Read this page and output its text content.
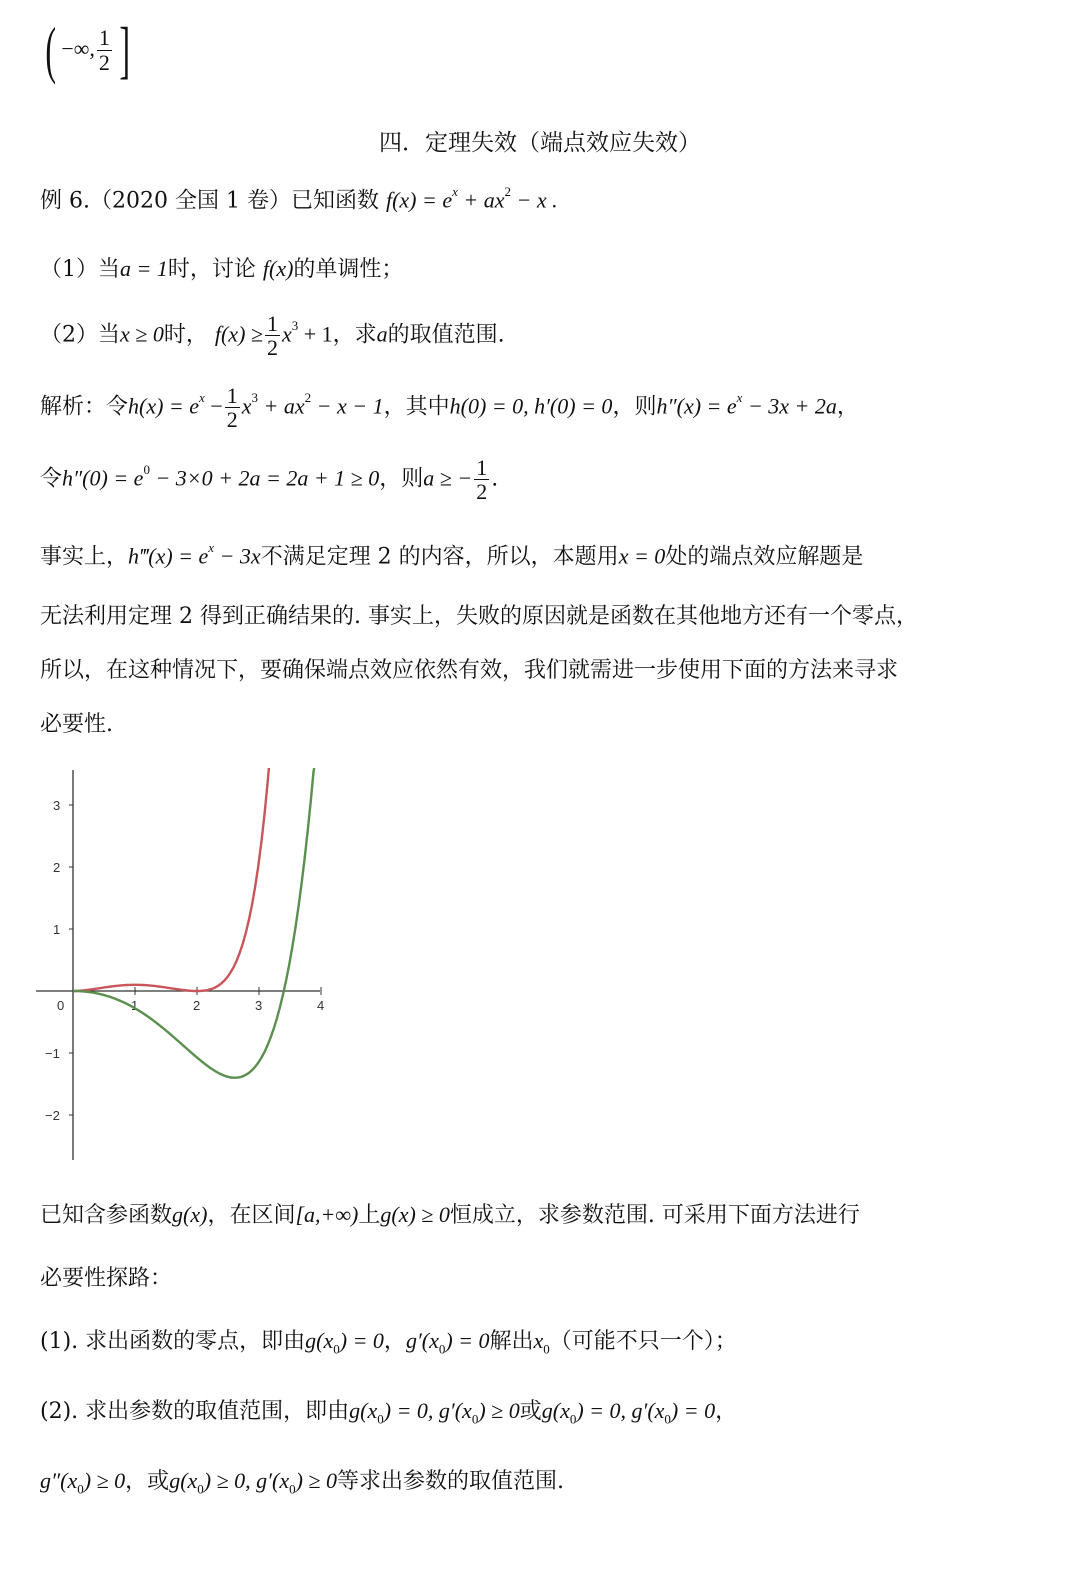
( −∞, $\frac{1}{2}$ ]
四．定理失效（端点效应失效）
例 6.（2020 全国 1 卷）已知函数 $f(x) = e^x + ax^2 - x$ .
（1）当a = 1时，讨论 f(x)的单调性；
（2）当x ≥ 0时， $f(x) \ge \frac{1}{2} x^3 + 1$，求a的取值范围.
解析：令$h(x) = e^x - \frac{1}{2} x^3 + ax^2 - x - 1$，其中h(0) = 0, h′(0) = 0，则$h''(x) = e^x - 3x + 2a$，
令$h''(0) = e^0 - 3\times 0 + 2a = 2a + 1 \ge 0$，则a ≥ − $\frac{1}{2}$ .
事实上，h‴(x) = $e^x - 3x$不满足定理 2 的内容，所以，本题用x = 0处的端点效应解题是
无法利用定理 2 得到正确结果的. 事实上，失败的原因就是函数在其他地方还有一个零点，
所以，在这种情况下，要确保端点效应依然有效，我们就需进一步使用下面的方法来寻求
必要性.
0	1	2	3	4
3
2
1
−1
−2
已知含参函数g(x)，在区间[a,+∞)上g(x) ≥ 0恒成立，求参数范围. 可采用下面方法进行
必要性探路：
(1). 求出函数的零点，即由$g(x_0) = 0$，$g'(x_0) = 0$解出$x_0$（可能不只一个）；
(2). 求出参数的取值范围，即由$g(x_0) = 0$, $g'(x_0) \ge 0$或$g(x_0) = 0$, $g'(x_0) = 0$，
$g''(x_0) \ge 0$，或$g(x_0) \ge 0$, $g'(x_0) \ge 0$等求出参数的取值范围.
